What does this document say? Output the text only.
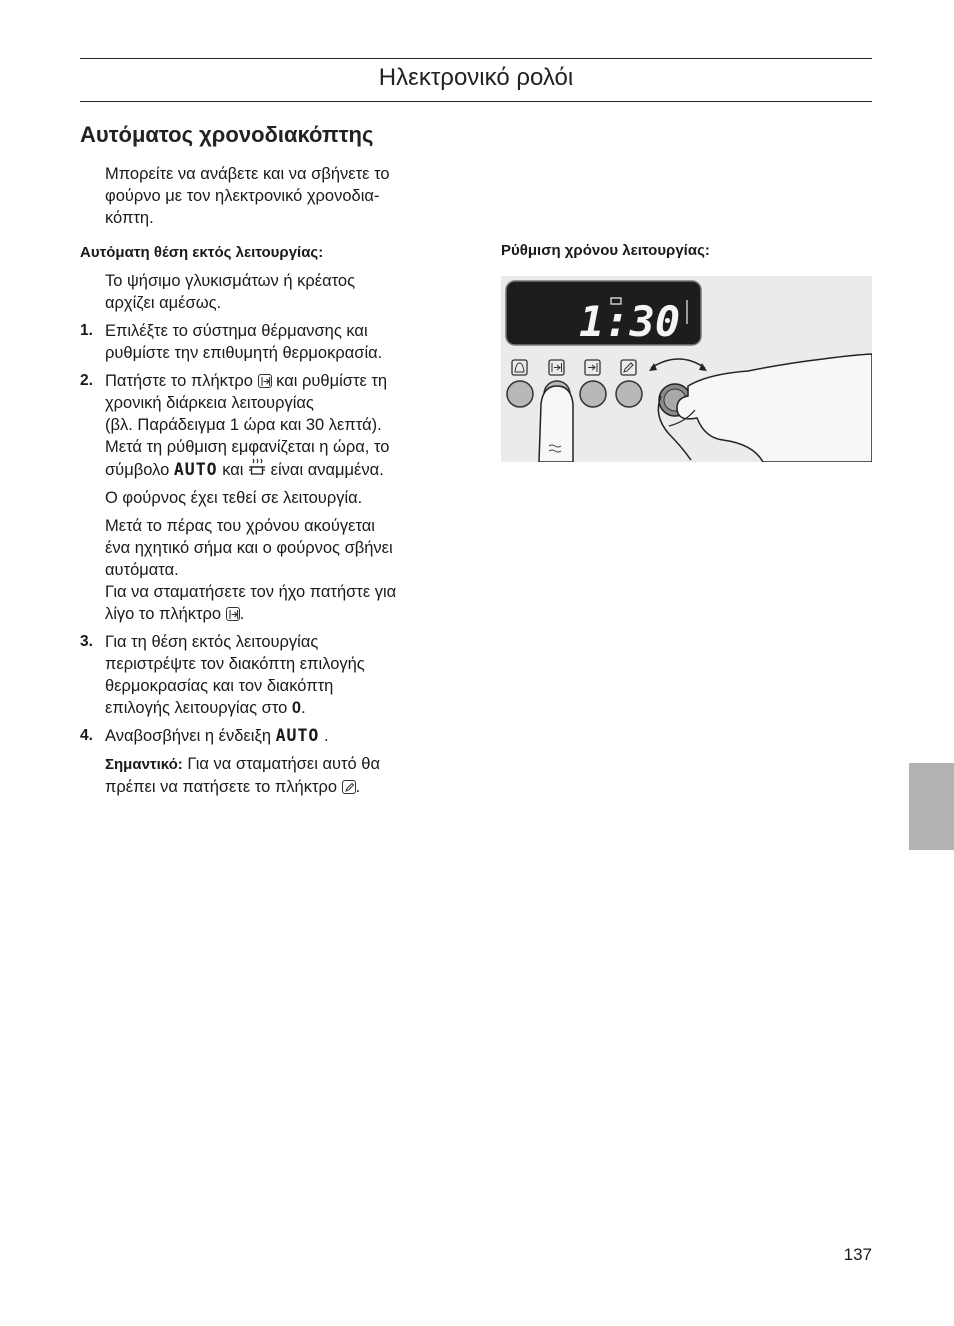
Ηλεκτρονικό ρολόι
Αυτόματος χρονοδιακόπτης
Μπορείτε να ανάβετε και να σβήνετε το
φούρνο με τον ηλεκτρονικό χρονοδια-
κόπτη.
Αυτόματη θέση εκτός λειτουργίας:
Το ψήσιμο γλυκισμάτων ή κρέατος
αρχίζει αμέσως.
1. Επιλέξτε το σύστημα θέρμανσης και
ρυθμίστε την επιθυμητή θερμοκρασία.
2. Πατήστε το πλήκτρο και ρυθμίστε τη
χρονική διάρκεια λειτουργίας
(βλ. Παράδειγμα 1 ώρα και 30 λεπτά).
Μετά τη ρύθμιση εμφανίζεται η ώρα, το
σύμβολο AUTO και είναι αναμμένα.
Ο φούρνος έχει τεθεί σε λειτουργία.
Μετά το πέρας του χρόνου ακούγεται
ένα ηχητικό σήμα και ο φούρνος σβήνει
αυτόματα.
Για να σταματήσετε τον ήχο πατήστε για
λίγο το πλήκτρο .
3. Για τη θέση εκτός λειτουργίας
περιστρέψτε τον διακόπτη επιλογής
θερμοκρασίας και τον διακόπτη
επιλογής λειτουργίας στο 0.
4. Αναβοσβήνει η ένδειξη AUTO .
Σημαντικό: Για να σταματήσει αυτό θα
πρέπει να πατήσετε το πλήκτρο .
Ρύθμιση χρόνου λειτουργίας:
1:30
137
